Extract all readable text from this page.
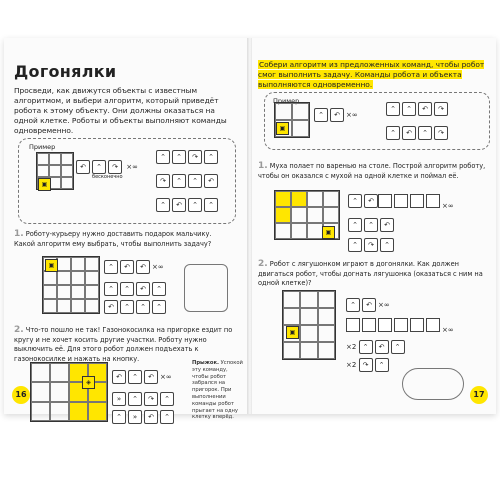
Догонялки
Просведи, как движутся объекты с известным алгоритмом, и выбери алгоритм, который приведёт робота к этому объекту. Они должны оказаться на одной клетке. Роботы и объекты выполняют команды одновременно.
Пример
▣
↶ ⌃ ↷ ×∞
бесконечно
⌃ ⌃ ↷ ⌃
↷ ⌃ ⌃ ↶
⌃ ↶ ⌃ ⌃
1. Роботу-курьеру нужно доставить подарок мальчику. Какой алгоритм ему выбрать, чтобы выполнить задачу?
▣	⌃ ↶ ↶ ×∞
⌃ ⌃ ↶ ⌃
↶ ⌃ ⌃ ⌃
2. Что-то пошло не так! Газонокосилка на пригорке ездит по кругу и не хочет косить другие участки. Роботу нужно выключить её. Для этого робот должен подъехать к газонокосилке и нажать на кнопку.
◈
↶ ⌃ ↶ ×∞
» ⌃ ↷ ⌃
⌃ » ↶ ⌃
Прыжок. Успокой эту команду, чтобы робот забрался на пригорок. При выполнении команды робот прыгает на одну клетку вперёд.
16
Собери алгоритм из предложенных команд, чтобы робот смог выполнить задачу. Команды робота и объекта выполняются одновременно.
Пример
▣
⌃ ↶ ×∞
⌃ ⌃ ↶ ↷
⌃ ↶ ⌃ ↷
1. Муха полает по варенью на столе. Построй алгоритм роботу, чтобы он оказался с мухой на одной клетке и поймал её.
▣
⌃ ↶
×∞
⌃ ⌃ ↶
⌃ ↷ ⌃
2. Робот с лягушонком играют в догонялки. Как должен двигаться робот, чтобы догнать лягушонка (оказаться с ним на одной клетке)?
▣
⌃ ↶ ×∞
×∞
×2 ⌃ ↶ ⌃
×2 ↷ ⌃
17
